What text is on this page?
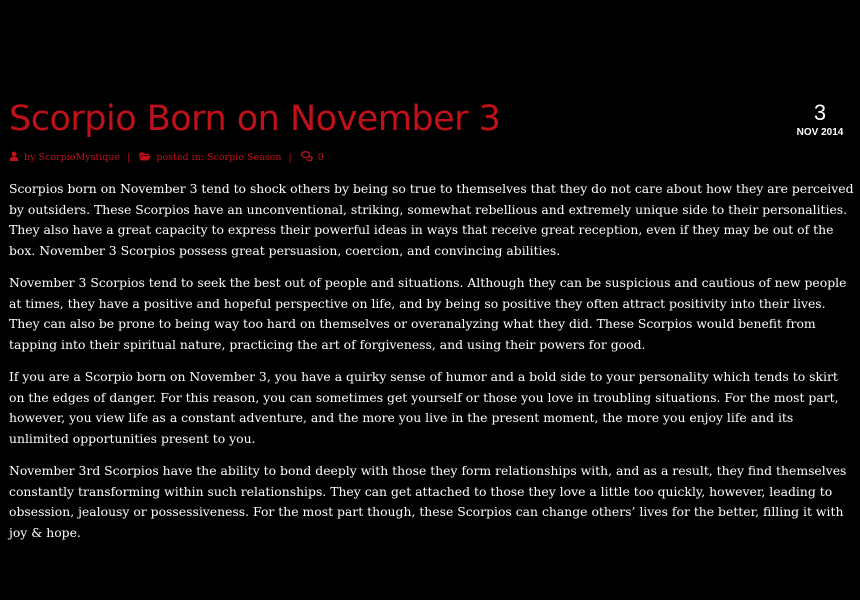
Scorpio Born on November 3	3
NOV 2014
by ScorpioMystique |	posted in: Scorpio Season |	0

Scorpios born on November 3 tend to shock others by being so true to themselves that they do not care about how they are perceived by outsiders. These Scorpios have an unconventional, striking, somewhat rebellious and extremely unique side to their personalities. They also have a great capacity to express their powerful ideas in ways that receive great reception, even if they may be out of the box. November 3 Scorpios possess great persuasion, coercion, and convincing abilities.

November 3 Scorpios tend to seek the best out of people and situations. Although they can be suspicious and cautious of new people at times, they have a positive and hopeful perspective on life, and by being so positive they often attract positivity into their lives. They can also be prone to being way too hard on themselves or overanalyzing what they did. These Scorpios would benefit from tapping into their spiritual nature, practicing the art of forgiveness, and using their powers for good.

If you are a Scorpio born on November 3, you have a quirky sense of humor and a bold side to your personality which tends to skirt on the edges of danger. For this reason, you can sometimes get yourself or those you love in troubling situations. For the most part, however, you view life as a constant adventure, and the more you live in the present moment, the more you enjoy life and its unlimited opportunities present to you.

November 3rd Scorpios have the ability to bond deeply with those they form relationships with, and as a result, they find themselves constantly transforming within such relationships. They can get attached to those they love a little too quickly, however, leading to obsession, jealousy or possessiveness. For the most part though, these Scorpios can change others’ lives for the better, filling it with joy & hope.
